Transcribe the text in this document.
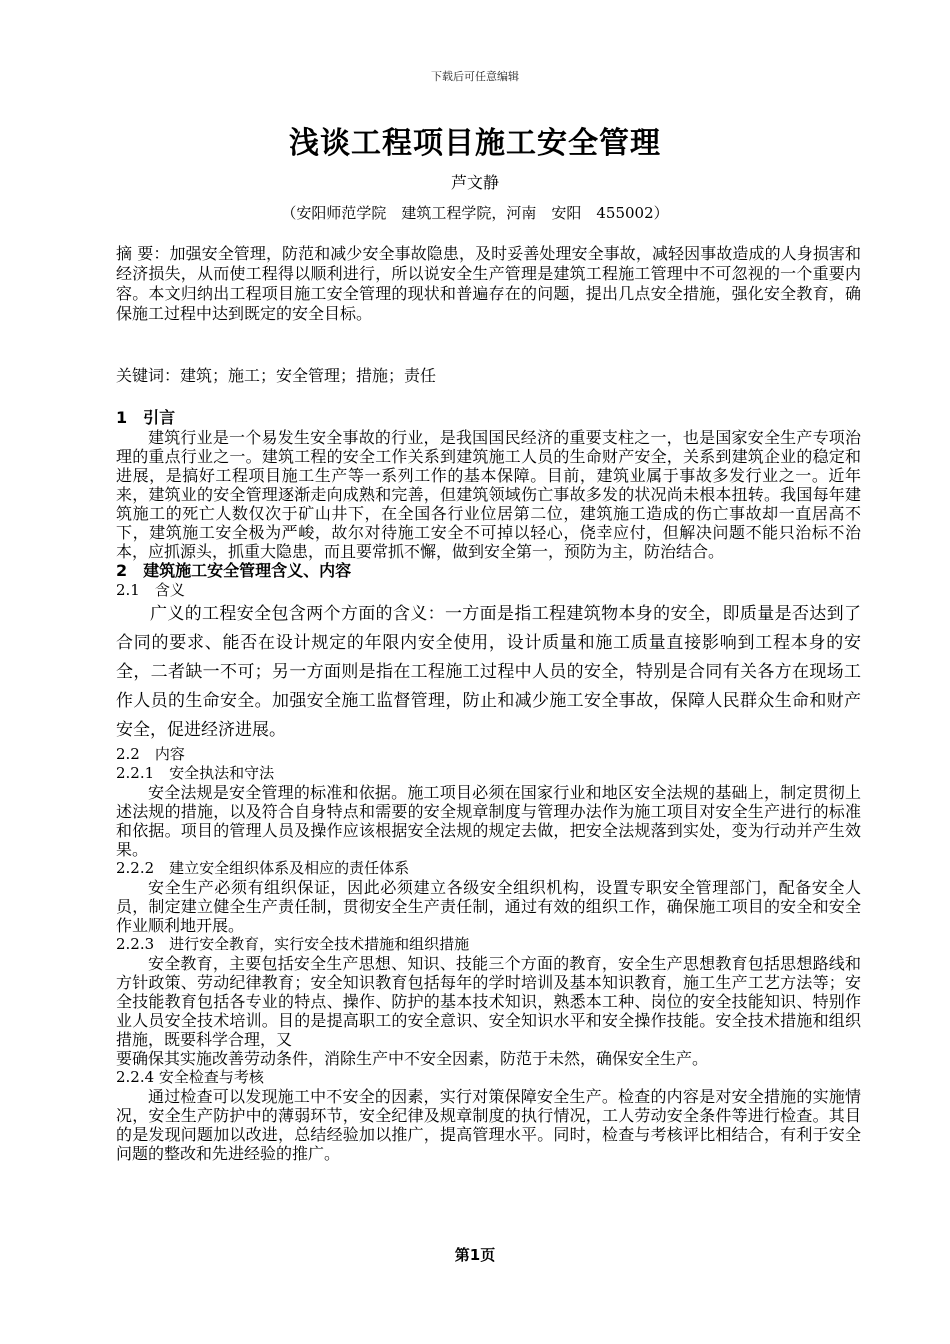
下载后可任意编辑
浅谈工程项目施工安全管理
芦文静
（安阳师范学院　建筑工程学院，河南　安阳　455002）
摘 要：加强安全管理，防范和减少安全事故隐患，及时妥善处理安全事故，减轻因事故造成的人身损害和经济损失，从而使工程得以顺利进行，所以说安全生产管理是建筑工程施工管理中不可忽视的一个重要内容。本文归纳出工程项目施工安全管理的现状和普遍存在的问题，提出几点安全措施，强化安全教育，确保施工过程中达到既定的安全目标。
关键词：建筑；施工；安全管理；措施；责任
1　引言

建筑行业是一个易发生安全事故的行业，是我国国民经济的重要支柱之一，也是国家安全生产专项治理的重点行业之一。建筑工程的安全工作关系到建筑施工人员的生命财产安全，关系到建筑企业的稳定和进展，是搞好工程项目施工生产等一系列工作的基本保障。目前，建筑业属于事故多发行业之一。近年来，建筑业的安全管理逐渐走向成熟和完善，但建筑领域伤亡事故多发的状况尚未根本扭转。我国每年建筑施工的死亡人数仅次于矿山井下，在全国各行业位居第二位，建筑施工造成的伤亡事故却一直居高不下，建筑施工安全极为严峻，故尔对待施工安全不可掉以轻心，侥幸应付，但解决问题不能只治标不治本，应抓源头，抓重大隐患，而且要常抓不懈，做到安全第一，预防为主，防治结合。

2　建筑施工安全管理含义、内容
2.1　含义

广义的工程安全包含两个方面的含义：一方面是指工程建筑物本身的安全，即质量是否达到了合同的要求、能否在设计规定的年限内安全使用，设计质量和施工质量直接影响到工程本身的安全，二者缺一不可；另一方面则是指在工程施工过程中人员的安全，特别是合同有关各方在现场工作人员的生命安全。加强安全施工监督管理，防止和减少施工安全事故，保障人民群众生命和财产安全，促进经济进展。

2.2　内容
2.2.1　安全执法和守法

安全法规是安全管理的标准和依据。施工项目必须在国家行业和地区安全法规的基础上，制定贯彻上述法规的措施，以及符合自身特点和需要的安全规章制度与管理办法作为施工项目对安全生产进行的标准和依据。项目的管理人员及操作应该根据安全法规的规定去做，把安全法规落到实处，变为行动并产生效果。

2.2.2　建立安全组织体系及相应的责任体系

安全生产必须有组织保证，因此必须建立各级安全组织机构，设置专职安全管理部门，配备安全人员，制定建立健全生产责任制，贯彻安全生产责任制，通过有效的组织工作，确保施工项目的安全和安全作业顺利地开展。

2.2.3　进行安全教育，实行安全技术措施和组织措施

安全教育，主要包括安全生产思想、知识、技能三个方面的教育，安全生产思想教育包括思想路线和方针政策、劳动纪律教育；安全知识教育包括每年的学时培训及基本知识教育，施工生产工艺方法等；安全技能教育包括各专业的特点、操作、防护的基本技术知识，熟悉本工种、岗位的安全技能知识、特别作业人员安全技术培训。目的是提高职工的安全意识、安全知识水平和安全操作技能。安全技术措施和组织措施，既要科学合理，又

要确保其实施改善劳动条件，消除生产中不安全因素，防范于未然，确保安全生产。

2.2.4 安全检查与考核

通过检查可以发现施工中不安全的因素，实行对策保障安全生产。检查的内容是对安全措施的实施情况，安全生产防护中的薄弱环节，安全纪律及规章制度的执行情况，工人劳动安全条件等进行检查。其目的是发现问题加以改进，总结经验加以推广，提高管理水平。同时，检查与考核评比相结合，有利于安全问题的整改和先进经验的推广。

第1页
